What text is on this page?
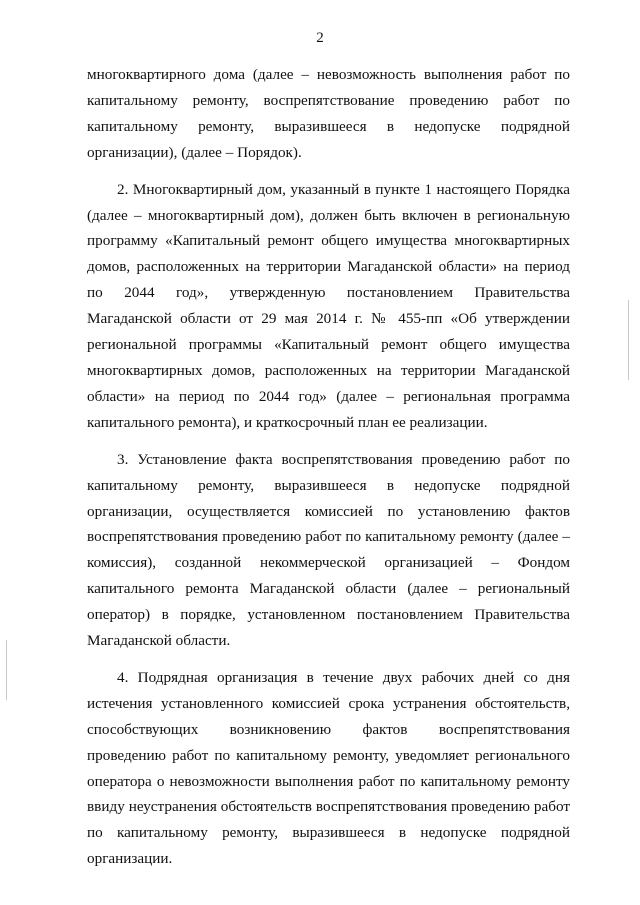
2

многоквартирного дома (далее – невозможность выполнения работ по капитальному ремонту, воспрепятствование проведению работ по капитальному ремонту, выразившееся в недопуске подрядной организации), (далее – Порядок).

2. Многоквартирный дом, указанный в пункте 1 настоящего Порядка (далее – многоквартирный дом), должен быть включен в региональную программу «Капитальный ремонт общего имущества многоквартирных домов, расположенных на территории Магаданской области» на период по 2044 год», утвержденную постановлением Правительства Магаданской области от 29 мая 2014 г. № 455-пп «Об утверждении региональной программы «Капитальный ремонт общего имущества многоквартирных домов, расположенных на территории Магаданской области» на период по 2044 год» (далее – региональная программа капитального ремонта), и краткосрочный план ее реализации.

3. Установление факта воспрепятствования проведению работ по капитальному ремонту, выразившееся в недопуске подрядной организации, осуществляется комиссией по установлению фактов воспрепятствования проведению работ по капитальному ремонту (далее – комиссия), созданной некоммерческой организацией – Фондом капитального ремонта Магаданской области (далее – региональный оператор) в порядке, установленном постановлением Правительства Магаданской области.

4. Подрядная организация в течение двух рабочих дней со дня истечения установленного комиссией срока устранения обстоятельств, способствующих возникновению фактов воспрепятствования проведению работ по капитальному ремонту, уведомляет регионального оператора о невозможности выполнения работ по капитальному ремонту ввиду неустранения обстоятельств воспрепятствования проведению работ по капитальному ремонту, выразившееся в недопуске подрядной организации.
